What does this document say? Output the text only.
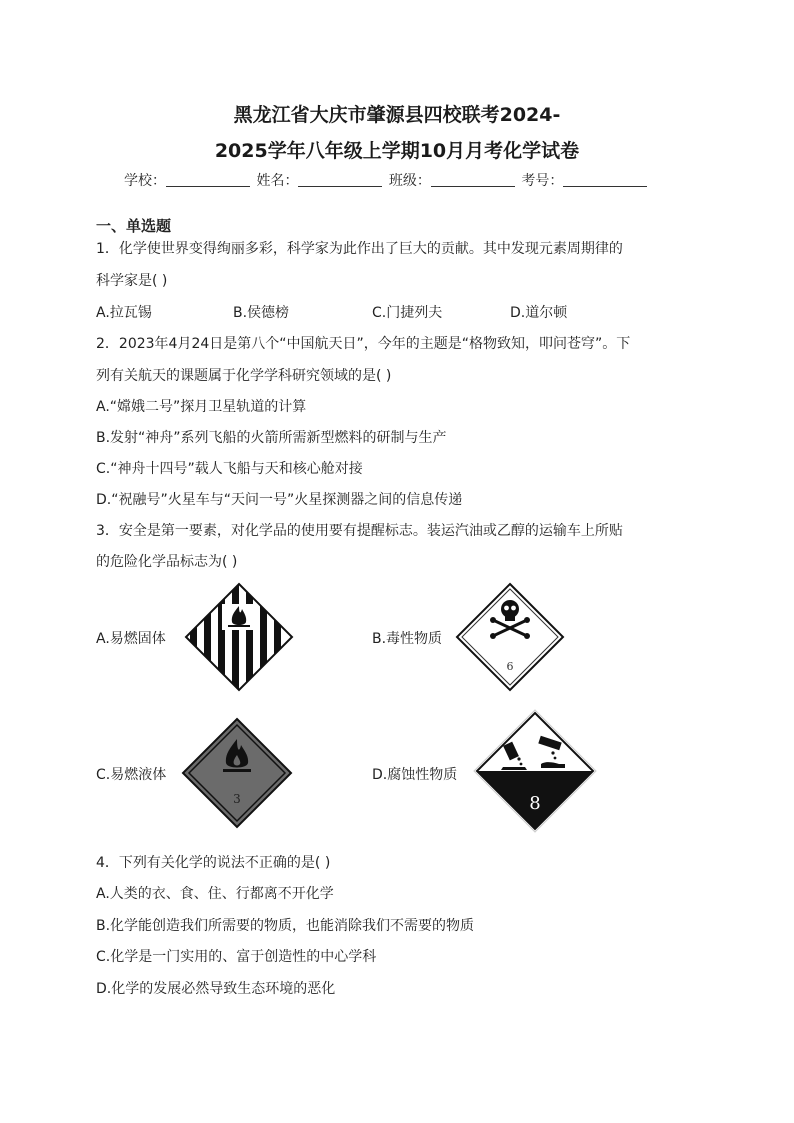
黑龙江省大庆市肇源县四校联考2024-
2025学年八年级上学期10月月考化学试卷
学校：	姓名：	班级：	考号：
一、单选题
1．化学使世界变得绚丽多彩，科学家为此作出了巨大的贡献。其中发现元素周期律的
科学家是( )
A.拉瓦锡	B.侯德榜	C.门捷列夫	D.道尔顿
2．2023年4月24日是第八个“中国航天日”，今年的主题是“格物致知，叩问苍穹”。下
列有关航天的课题属于化学学科研究领域的是( )
A.“嫦娥二号”探月卫星轨道的计算
B.发射“神舟”系列飞船的火箭所需新型燃料的研制与生产
C.“神舟十四号”载人飞船与天和核心舱对接
D.“祝融号”火星车与“天问一号”火星探测器之间的信息传递
3．安全是第一要素，对化学品的使用要有提醒标志。装运汽油或乙醇的运输车上所贴
的危险化学品标志为( )
A.易燃固体	B.毒性物质
6
C.易燃液体
3
D.腐蚀性物质
8
4．下列有关化学的说法不正确的是( )
A.人类的衣、食、住、行都离不开化学
B.化学能创造我们所需要的物质，也能消除我们不需要的物质
C.化学是一门实用的、富于创造性的中心学科
D.化学的发展必然导致生态环境的恶化
